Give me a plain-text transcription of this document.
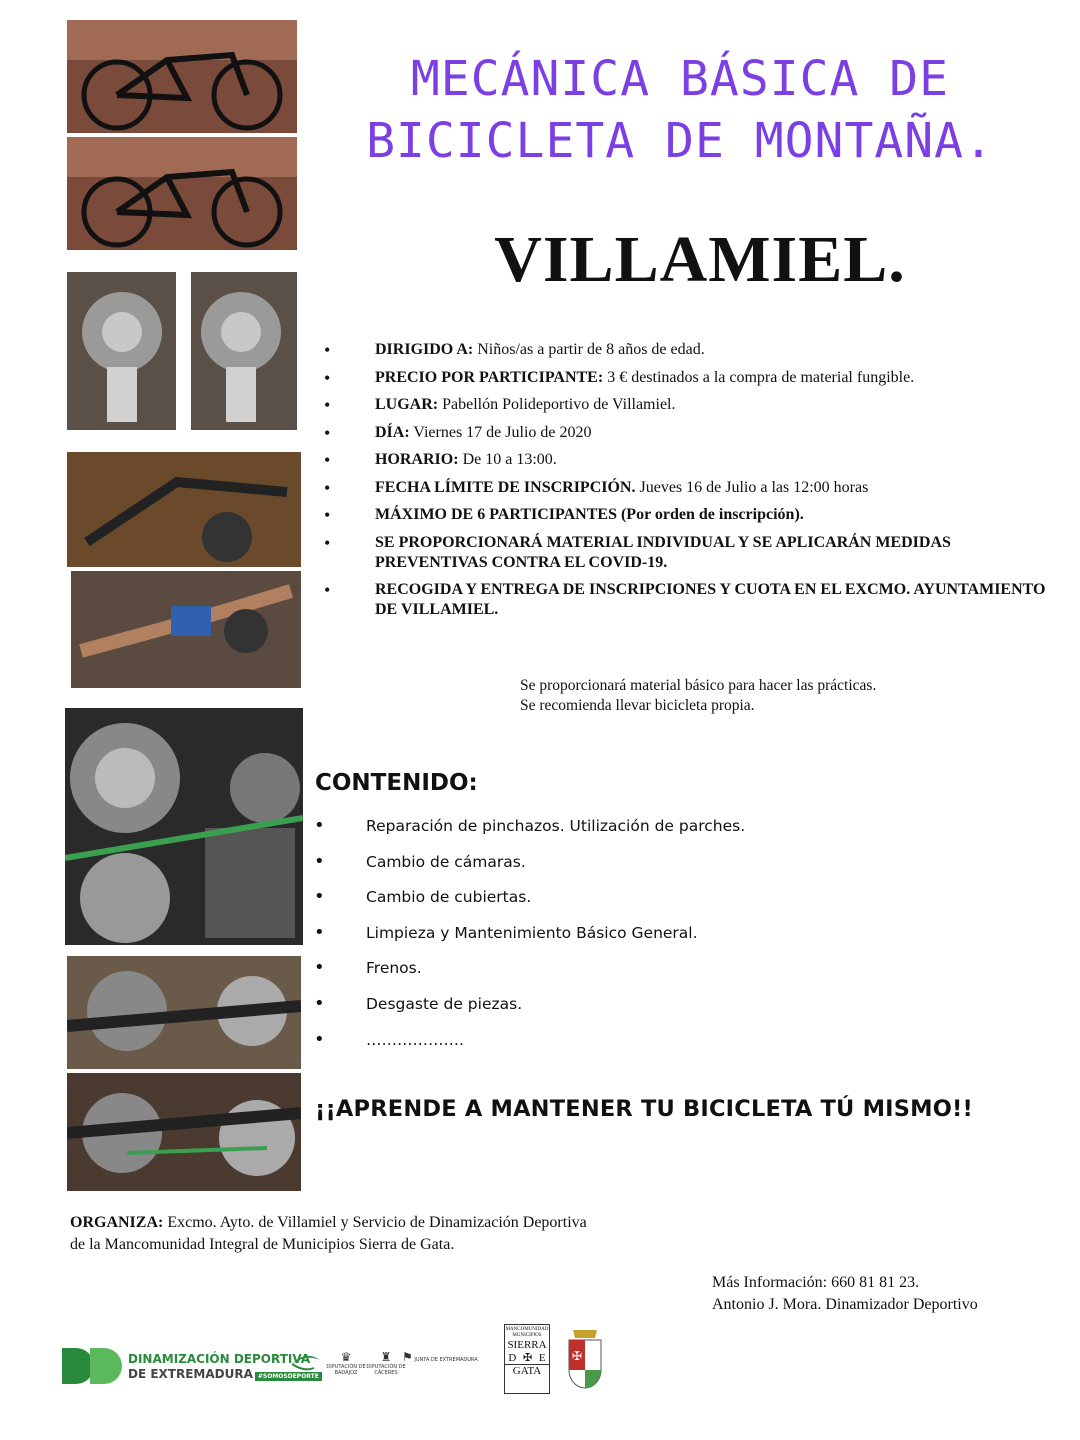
MECÁNICA BÁSICA DE
BICICLETA DE MONTAÑA.
VILLAMIEL.
• DIRIGIDO A: Niños/as a partir de 8 años de edad.
• PRECIO POR PARTICIPANTE: 3 € destinados a la compra de material fungible.
• LUGAR: Pabellón Polideportivo de Villamiel.
• DÍA: Viernes 17 de Julio de 2020
• HORARIO: De 10 a 13:00.
• FECHA LÍMITE DE INSCRIPCIÓN. Jueves 16 de Julio a las 12:00 horas
• MÁXIMO DE 6 PARTICIPANTES (Por orden de inscripción).
• SE PROPORCIONARÁ MATERIAL INDIVIDUAL Y SE APLICARÁN MEDIDAS PREVENTIVAS CONTRA EL COVID-19.
• RECOGIDA Y ENTREGA DE INSCRIPCIONES Y CUOTA EN EL EXCMO. AYUNTAMIENTO DE VILLAMIEL.
Se proporcionará material básico para hacer las prácticas.
Se recomienda llevar bicicleta propia.
CONTENIDO:
• Reparación de pinchazos. Utilización de parches.
• Cambio de cámaras.
• Cambio de cubiertas.
• Limpieza y Mantenimiento Básico General.
• Frenos.
• Desgaste de piezas.
• ……………….
¡¡APRENDE A MANTENER TU BICICLETA TÚ MISMO!!
ORGANIZA: Excmo. Ayto. de Villamiel y Servicio de Dinamización Deportiva
de la Mancomunidad Integral de Municipios Sierra de Gata.
Más Información: 660 81 81 23.
Antonio J. Mora. Dinamizador Deportivo
DINAMIZACIÓN DEPORTIVA
DE EXTREMADURA #SOMOSDEPORTE
♛
DIPUTACIÓN DE BADAJOZ
♜
DIPUTACIÓN DE CÁCERES
⚑ JUNTA DE EXTREMADURA
MANCOMUNIDAD MUNICIPIOS
SIERRA
D ✠ E
GATA
✠
